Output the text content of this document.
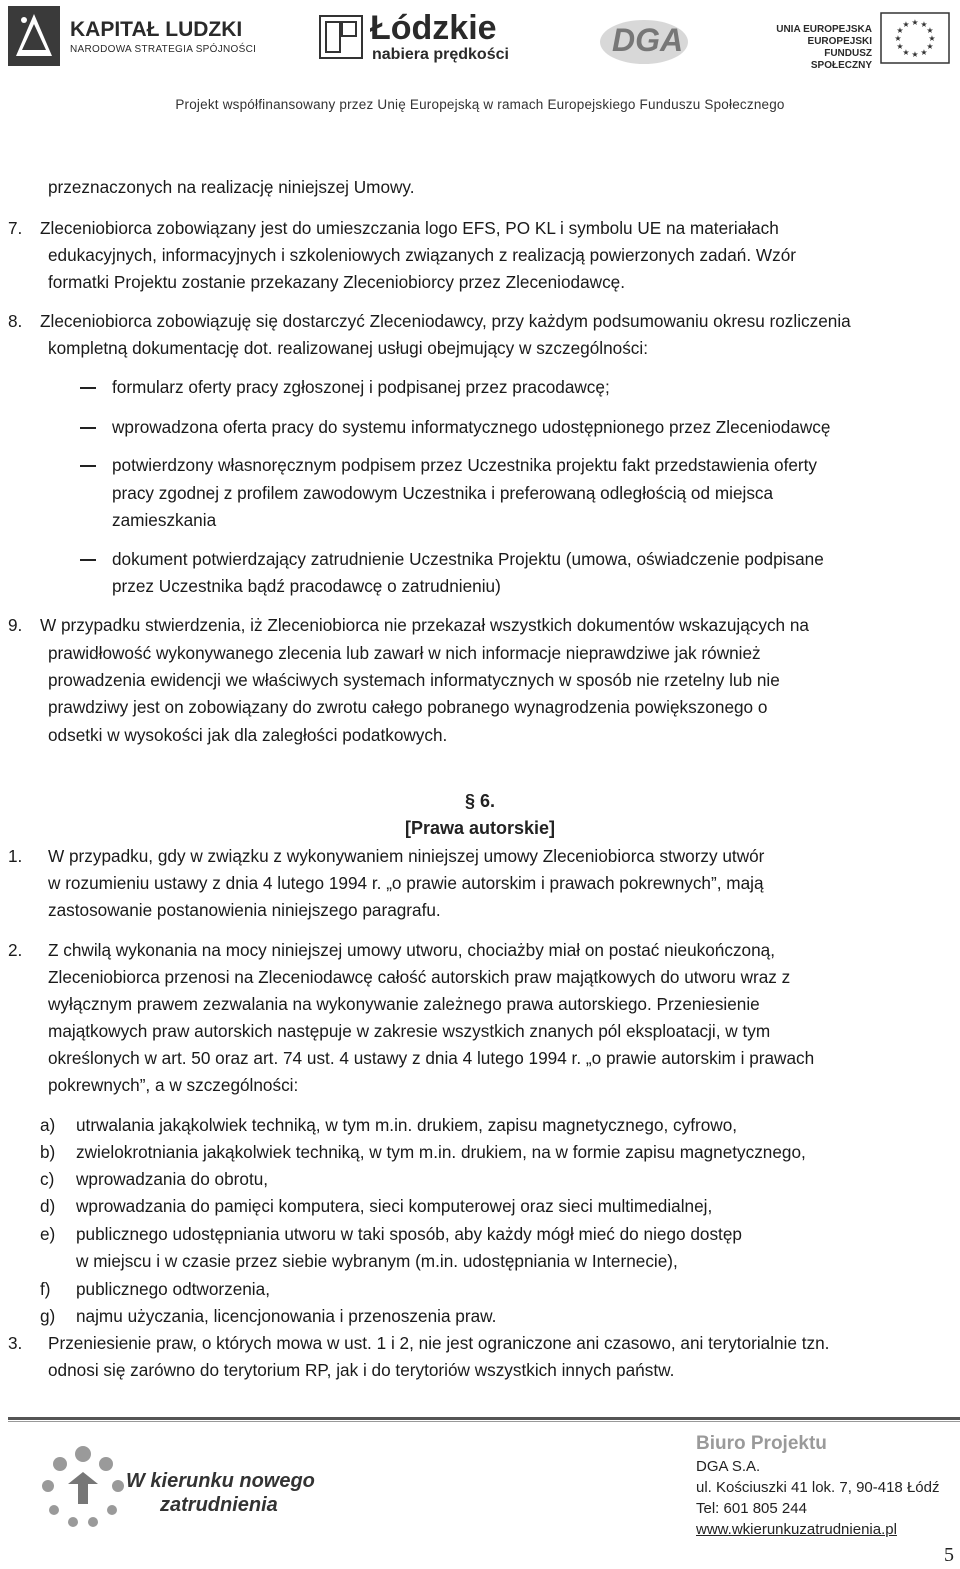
KAPITAŁ LUDZKI
NARODOWA STRATEGIA SPÓJNOŚCI
Łódzkie
nabiera prędkości	DGA	UNIA EUROPEJSKA
EUROPEJSKI
FUNDUSZ SPOŁECZNY
★ ★
★
★
★
★
★
★
★
★
★
★
Projekt współfinansowany przez Unię Europejską w ramach Europejskiego Funduszu Społecznego
przeznaczonych na realizację niniejszej Umowy.
7. Zleceniobiorca zobowiązany jest do umieszczania logo EFS, PO KL i symbolu UE na materiałach
edukacyjnych, informacyjnych i szkoleniowych związanych z realizacją powierzonych zadań. Wzór
formatki Projektu zostanie przekazany Zleceniobiorcy przez Zleceniodawcę.
8. Zleceniobiorca zobowiązuję się dostarczyć Zleceniodawcy, przy każdym podsumowaniu okresu rozliczenia
kompletną dokumentację dot. realizowanej usługi obejmujący w szczególności:
formularz oferty pracy zgłoszonej i podpisanej przez pracodawcę;
wprowadzona oferta pracy do systemu informatycznego udostępnionego przez Zleceniodawcę
potwierdzony własnoręcznym podpisem przez Uczestnika projektu fakt przedstawienia oferty
pracy zgodnej z profilem zawodowym Uczestnika i preferowaną odległością od miejsca
zamieszkania
dokument potwierdzający zatrudnienie Uczestnika Projektu (umowa, oświadczenie podpisane
przez Uczestnika bądź pracodawcę o zatrudnieniu)
9. W przypadku stwierdzenia, iż Zleceniobiorca nie przekazał wszystkich dokumentów wskazujących na
prawidłowość wykonywanego zlecenia lub zawarł w nich informacje nieprawdziwe jak również
prowadzenia ewidencji we właściwych systemach informatycznych w sposób nie rzetelny lub nie
prawdziwy jest on zobowiązany do zwrotu całego pobranego wynagrodzenia powiększonego o
odsetki w wysokości jak dla zaległości podatkowych.
§ 6.
[Prawa autorskie]
1. W przypadku, gdy w związku z wykonywaniem niniejszej umowy Zleceniobiorca stworzy utwór
w rozumieniu ustawy z dnia 4 lutego 1994 r. „o prawie autorskim i prawach pokrewnych”, mają
zastosowanie postanowienia niniejszego paragrafu.
2. Z chwilą wykonania na mocy niniejszej umowy utworu, chociażby miał on postać nieukończoną,
Zleceniobiorca przenosi na Zleceniodawcę całość autorskich praw majątkowych do utworu wraz z
wyłącznym prawem zezwalania na wykonywanie zależnego prawa autorskiego. Przeniesienie
majątkowych praw autorskich następuje w zakresie wszystkich znanych pól eksploatacji, w tym
określonych w art. 50 oraz art. 74 ust. 4 ustawy z dnia 4 lutego 1994 r. „o prawie autorskim i prawach
pokrewnych”, a w szczególności:
a) utrwalania jakąkolwiek techniką, w tym m.in. drukiem, zapisu magnetycznego, cyfrowo,
b) zwielokrotniania jakąkolwiek techniką, w tym m.in. drukiem, na w formie zapisu magnetycznego,
c) wprowadzania do obrotu,
d) wprowadzania do pamięci komputera, sieci komputerowej oraz sieci multimedialnej,
e) publicznego udostępniania utworu w taki sposób, aby każdy mógł mieć do niego dostęp
w miejscu i w czasie przez siebie wybranym (m.in. udostępniania w Internecie),
f) publicznego odtworzenia,
g) najmu użyczania, licencjonowania i przenoszenia praw.
3. Przeniesienie praw, o których mowa w ust. 1 i 2, nie jest ograniczone ani czasowo, ani terytorialnie tzn.
odnosi się zarówno do terytorium RP, jak i do terytoriów wszystkich innych państw.
W kierunku nowego
zatrudnienia
Biuro Projektu
DGA S.A.
ul. Kościuszki 41 lok. 7, 90-418 Łódź
Tel: 601 805 244
www.wkierunkuzatrudnienia.pl
5
